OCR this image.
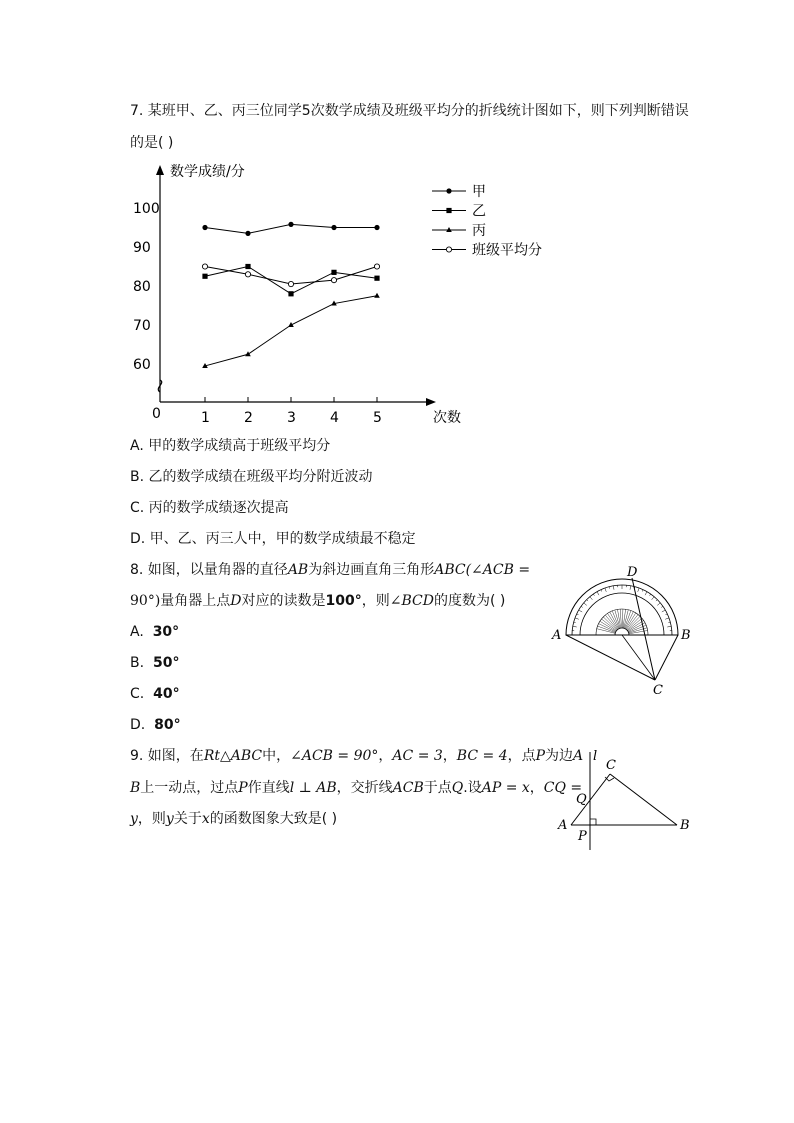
7. 某班甲、乙、丙三位同学5次数学成绩及班级平均分的折线统计图如下，则下列判断错误
的是( )
数学成绩/分
次数
0
60
70
80
90
100
1 2 3 4 5
甲
乙
丙
班级平均分
A. 甲的数学成绩高于班级平均分
B. 乙的数学成绩在班级平均分附近波动
C. 丙的数学成绩逐次提高
D. 甲、乙、丙三人中，甲的数学成绩最不稳定
8. 如图，以量角器的直径AB为斜边画直角三角形ABC(∠ACB =
90°)量角器上点D对应的读数是100°，则∠BCD的度数为( )
A. 30°
B. 50°
C. 40°
D. 80°
A	B
C
D
9. 如图，在Rt△ABC中，∠ACB = 90°，AC = 3，BC = 4，点P为边A
B上一动点，过点P作直线l ⊥ AB，交折线ACB于点Q.设AP = x，CQ =
y，则y关于x的函数图象大致是( )
l
C
Q
A
P
B
